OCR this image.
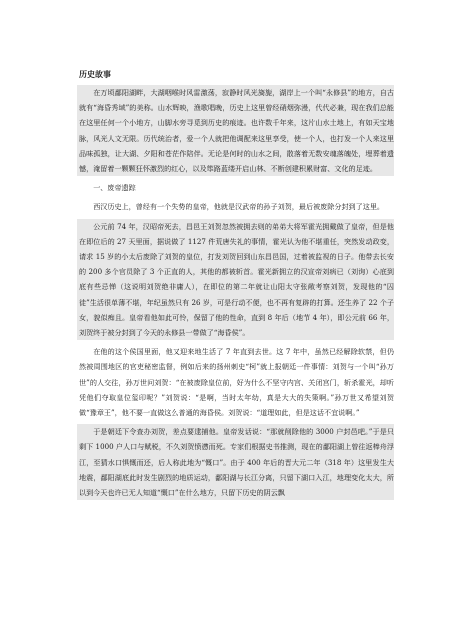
历史故事

在万顷鄱阳湖畔，大湖咽喉时风雷激荡，寂静时风光旖旎，湖岸上一个叫“永修县”的地方，自古就有“海昏秀域”的美称。山水辉映，渔歌唱晚，历史上这里曾经硝烟弥漫，代代必兼，现在我们总能在这里任何一个小地方，山脚水旁寻觅到历史的痕迹。也许数千年来，这片山水土地上，有如天宝地脉，风光人文无限。历代统治者，爱一个人就把他调配来这里享受，使一个人，也打发一个人来这里品味孤独，让大湖、夕阳和苍茫作陪伴。无论是何时的山水之间，散落着无数安魂落魄处，埋葬着遗憾，淹留着一颗颗狂怀激烈的红心，以及筚路蓝缕开启山林、不断创建积累财富、文化的足迹。

一、废帝遗踪

西汉历史上，曾经有一个失势的皇帝，他就是汉武帝的孙子刘贺，最后被废除分封到了这里。

公元前 74 年，汉昭帝死去，昌邑王刘贺忽然被拥去则的弟弟大将军霍光拥戴做了皇帝，但是他在即位后的 27 天里面，据说做了 1127 件荒唐失礼的事情，霍光认为他不堪重任，突然发动政变，请求 15 岁的小太后废除了刘贺的皇位，打发刘贺回到山东昌邑国，过着被监视的日子。他带去长安的 200 多个官员除了 3 个正直的人，其他的都被斩首。霍光新拥立的汉宣帝刘病已（刘询）心底到底有些忌惮（这说明刘贺绝非庸人），在即位的第二年就让山阳太守张敞考察刘贺，发现他的“囚徒”生活很单薄不堪，年纪虽然只有 26 岁，可是行动不便，也不再有复辟的打算。还生养了 22 个子女，貌似痴且。皇帝看他如此可怜，保留了他的性命，直到 8 年后（地节 4 年），即公元前 66 年，刘贺终于被分封到了今天的永修县一带做了“海昏侯”。

在他的这个侯国里面，他又迎来地生活了 7 年直到去世。这 7 年中，虽然已经解除软禁，但仍然被周围地区的官吏秘密监督，例如后来的扬州刺史“柯”就上报朝廷一件事情：刘贺与一个叫“孙万世”的人交往，孙万世问刘贺：“在被废除皇位前，好为什么不坚守内宫、关闭宫门，斩杀霍光，却听凭他们夺取皇位玺印呢？”刘贺说：“是啊，当时太年幼，真是大大的失策啊。”孙万世又希望刘贺做“豫章王”，他不要一直做这么普通的海昏侯。刘贺说：“道理如此，但是这话不宜说啊。”

于是朝廷下令查办刘贺，差点要逮捕他。皇帝发话说：“那就削除他的 3000 户封邑吧。”于是只剩下 1000 户人口与赋税，不久刘贺愤懑而死。专家们根据史书推测，现在的鄱阳湖上曾往返棒舟浮江，至猜水口惧慨而还，后人称此地为“慨口”。由于 400 年后的晋大元二年（318 年）这里发生大地震，鄱阳湖底此时发生剧烈的地质运动，鄱阳湖与长江分离，只留下湖口入江，地理变化太大，所以到今天也许已无人知道“慨口”在什么地方，只留下历史的阴云飘
